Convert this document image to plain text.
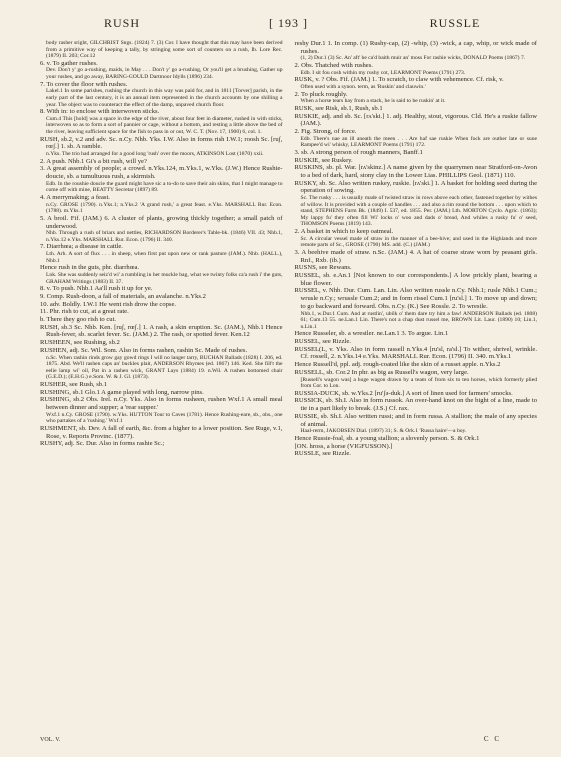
RUSH	[ 193 ]	RUSSLE

body rasher sright, GILCHRIST Sngs. (1824) 7. (3) Cor. I have thought that this may have been derived from a primitive way of keeping a tally, by stringing some sort of counters on a rush, Ib. Lore Rec. (1879) II. 203; Cor.12

6. v. To gather rushes.

Dev. Don't y' go a-rushing, maids, in May . . . Don't y' go a-rushing, Or you'll get a brushing, Gather up your rushes, and go away, BARING-GOULD Dartmoor Idylls (1896) 234.

7. To cover the floor with rushes.

Lakel.1 In some parishes, rushing the church in this way was paid for, and in 1811 [Torver] parish, in the early part of the last century, it is an annual item represented in the church accounts by one shilling a year. The object was to counteract the effect of the damp, unpaved church floor.

8. With in: to enclose with interwoven sticks.

Cum.4 This [hold] was a space in the edge of the river, about four feet in diameter, rushed in with sticks, interwoven so as to form a sort of pannier or cage, without a bottom, and resting a little above the bed of the river, leaving sufficient space for the fish to pass in or out, W. C. T. (Nov. 17, 1900) 6, col. 1.

RUSH, sb.2, v.2 and adv. Sc. n.Cy. Nhb. Yks. I.W. Also in forms rish I.W.1; roosh Sc. [ruʃ, rœʃ.] 1. sb. A ramble.

n.Yks. The trio had arranged for a good long 'rush' over the moors, ATKINSON Lost (1870) xxii.

2. A push. Nhb.1 Gi's a bit rush, will ye?

3. A great assembly of people; a crowd. n.Yks.124, m.Yks.1, w.Yks. (J.W.) Hence Rushie-doucie, sb. a tumultuous rush, a skirmish.

Edb. In the roushie doucie the guard might have sic a to-do to save their ain skins, that I might manage to come off with mine, BEATTY Secretar (1897) 89.

4. A merrymaking; a feast.

n.Cy. GROSE (1790). n.Yks.1; n.Yks.2 'A grand rush,' a great feast. e.Yks. MARSHALL Rur. Econ. (1788). m.Yks.1

5. A broil. Fif. (JAM.) 6. A cluster of plants, growing thickly together; a small patch of underwood.

Nhb. Through a rush of briars and nettles, RICHARDSON Borderer's Table-bk. (1846) VII. 43; Nhb.1, n.Yks.12 e.Yks. MARSHALL Rur. Econ. (1796) II. 340.

7. Diarrhœa; a disease in cattle.

Lth. Arh. A sort of flux . . . in sheep, when first put upon new or rank pasture (JAM.). Nhb. (HALL.), Nhb.1

Hence rush in the guts, phr. diarrhœa.

Lnk. She was suddenly seiz'd wi' a rumbling in her muckle bag, what we twinty folks ca'a rush i' the guts, GRAHAM Writings (1883) II. 37.

8. v. To push. Nhb.1 Aa'll rush it up for ye.

9. Comp. Rush-doon, a fall of materials, an avalanche. n.Yks.2

10. adv. Boldly. I.W.1 He went rish drow the copse.

11. Phr. rish to cut, at a great rate.

b. There they goo rish to cut.

RUSH, sb.3 Sc. Nhb. Ken. [ruʃ, rœʃ.] 1. A rash, a skin eruption. Sc. (JAM.), Nhb.1 Hence Rush-fever, sb. scarlet fever. Sc. (JAM.) 2. The rash, or spotted fever. Ken.12

RUSHEEN, see Rushing, sb.2

RUSHEN, adj. Sc. Wil. Som. Also in forms rashen, rashin Sc. Made of rushes.

n.Sc. When rashin rinds grow gay gowd rings I will no langer tarry, BUCHAN Ballads (1828) I. 206, ed. 1875. Abd. We'll rashen caps an' buckles plait, ANDERSON Rhymes (ed. 1867) 146. Ked. She fill't the eelie lamp wi' oil, Pat in a rashen wick, GRANT Lays (1884) 19. n.Wil. A rushen bottomed chair (G.E.D.); (E.H.G.) e.Som. W. & J. Gl. (1873).

RUSHER, see Rush, sb.1

RUSHING, sb.1 Glo.1 A game played with long, narrow pins.

RUSHING, sb.2 Obs. Irel. n.Cy. Yks. Also in forms rusheen, rushen Wxf.1 A small meal between dinner and supper; a 'rear supper.'

Wxf.1 n.Cy. GROSE (1790). w.Yks. HUTTON Tour to Caves (1781). Hence Rushing-eare, sb., obs., one who partakes of a 'rushing.' Wxf.1

RUSHMENT, sb. Dev. A fall of earth, &c. from a higher to a lower position. See Ruge, v.1, Rose, v. Reports Provinc. (1877).

RUSHY, adj. Sc. Dur. Also in forms rashie Sc.;

reshy Dur.1 1. In comp. (1) Rushy-cap, (2) -whip, (3) -wick, a cap, whip, or wick made of rushes.

(1, 2) Dur.1 (3) Sc. An' aft' he ca'd baith muir an' moss For rashie wicks, DONALD Poems (1867) 7.

2. Obs. Thatched with rushes.

Edb. I sit fou cosh within my rushy cot, LEARMONT Poems (1791) 273.

RUSK, v. ? Obs. Fif. (JAM.) 1. To scratch, to claw with vehemence. Cf. risk, v.

Often used with a synon. term, as 'Ruskin' and clauwin.'

2. To pluck roughly.

When a horse tears hay from a stack, he is said to be ruskin' at it.

RUSK, see Risk, sb.1, Rush, sb.1

RUSKIE, adj. and sb. Sc. [rʌ'ski.] 1. adj. Healthy, stout, vigorous. Cld. He's a ruskie fallow (JAM.).

2. Fig. Strong, of force.

Edb. There's nae an ill aneath the meen . . . Are haf sae ruskie When fock are outher late or sune Rampee'd wi' whisky, LEARMONT Poems (1791) 172.

3. sb. A strong person of rough manners, Banff.1

RUSKIE, see Ruskey.

RUSKINS, sb. pl. War. [rʌ'skinz.] A name given by the quarrymen near Stratford-on-Avon to a bed of dark, hard, stony clay in the Lower Lias. PHILLIPS Geol. (1871) 110.

RUSKY, sb. Sc. Also written ruskey, ruskie. [rʌ'ski.] 1. A basket for holding seed during the operation of sowing.

Sc. The rusky . . . is usually made of twisted straw in rows above each other, fastened together by withes of willow. It is provided with a couple of handles . . . and also a rim round the bottom . . . upon which to stand, STEPHENS Farm Bk. (1849) I. 537, ed. 1855. Per. (JAM.) Lth. MORTON Cyclo. Agric. (1863); My lappy fu' they often fill Wi' locks o' woo and dads o' bread, And whiles a rusky fu' o' seed, THOMSON Poems (1819) 143.

2. A basket in which to keep oatmeal.

Sc. A circular vessel made of straw in the manner of a bee-hive; and used in the Highlands and more remote parts of Sc., GROSE (1790) MS. add. (C.) (JAM.)

3. A beehive made of straw. n.Sc. (JAM.) 4. A hat of coarse straw worn by peasant girls. Rnf., Rxb. (ib.)

RUSNS, see Rewans.

RUSSEL, sb. e.An.1 [Not known to our correspondents.] A low prickly plant, bearing a blue flower.

RUSSEL, v. Nhb. Dur. Cum. Lan. Lin. Also written russle n.Cy. Nhb.1; rusle Nhb.1 Cum.; wrusle n.Cy.; wrussle Cum.2; and in form rissel Cum.1 [ru'sl.] 1. To move up and down; to go backward and forward. Obs. n.Cy. (K.) See Rossle. 2. To wrestle.

Nhb.1, w.Dur.1 Cum. And at rustlin', ubilk o' them dare try him a faw! ANDERSON Ballads (ed. 1808) 61; Cum.13 55. ne.Lan.1 Lin. There's not a chap dust russel me, BROWN Lit. Laur. (1890) 10; Lin.1, n.Lin.1

Hence Russeler, sb. a wrestler. ne.Lan.1 3. To argue. Lin.1

RUSSEL, see Rizzle.

RUSSEL(L, v. Yks. Also in form rassell n.Yks.4 [ru'sl, ra'sl.] To wither, shrivel, wrinkle. Cf. rossell, 2. n.Yks.14 e.Yks. MARSHALL Rur. Econ. (1796) II. 340. m.Yks.1

Hence Russell'd, ppl. adj. rough-coated like the skin of a russet apple. n.Yks.2

RUSSELL, sb. Cor.2 In phr. as big as Russell's wagon, very large.

[Russell's wagon was] a huge wagon drawn by a team of from six to ten horses, which formerly plied from Cor. to Lon.

RUSSIA-DUCK, sb. w.Yks.2 [ru'ʃə-duk.] A sort of linen used for farmers' smocks.

RUSSICK, sb. Sh.I. Also in form russok. An over-hand knot on the bight of a line, made to tie in a part likely to break. (J.S.) Cf. rax.

RUSSIE, sb. Sh.I. Also written russi; and in form russa. A stallion; the male of any species of animal.

Haal-rerm, JAKOBSEN Dial. (1897) 31; S. & Ork.1 'Russa haire'—a boy.

Hence Russie-foal, sb. a young stallion; a slovenly person. S. & Ork.1

[ON. hross, a horse (VIGFUSSON).]

RUSSLE, see Rizzle.

VOL. V.	C C
